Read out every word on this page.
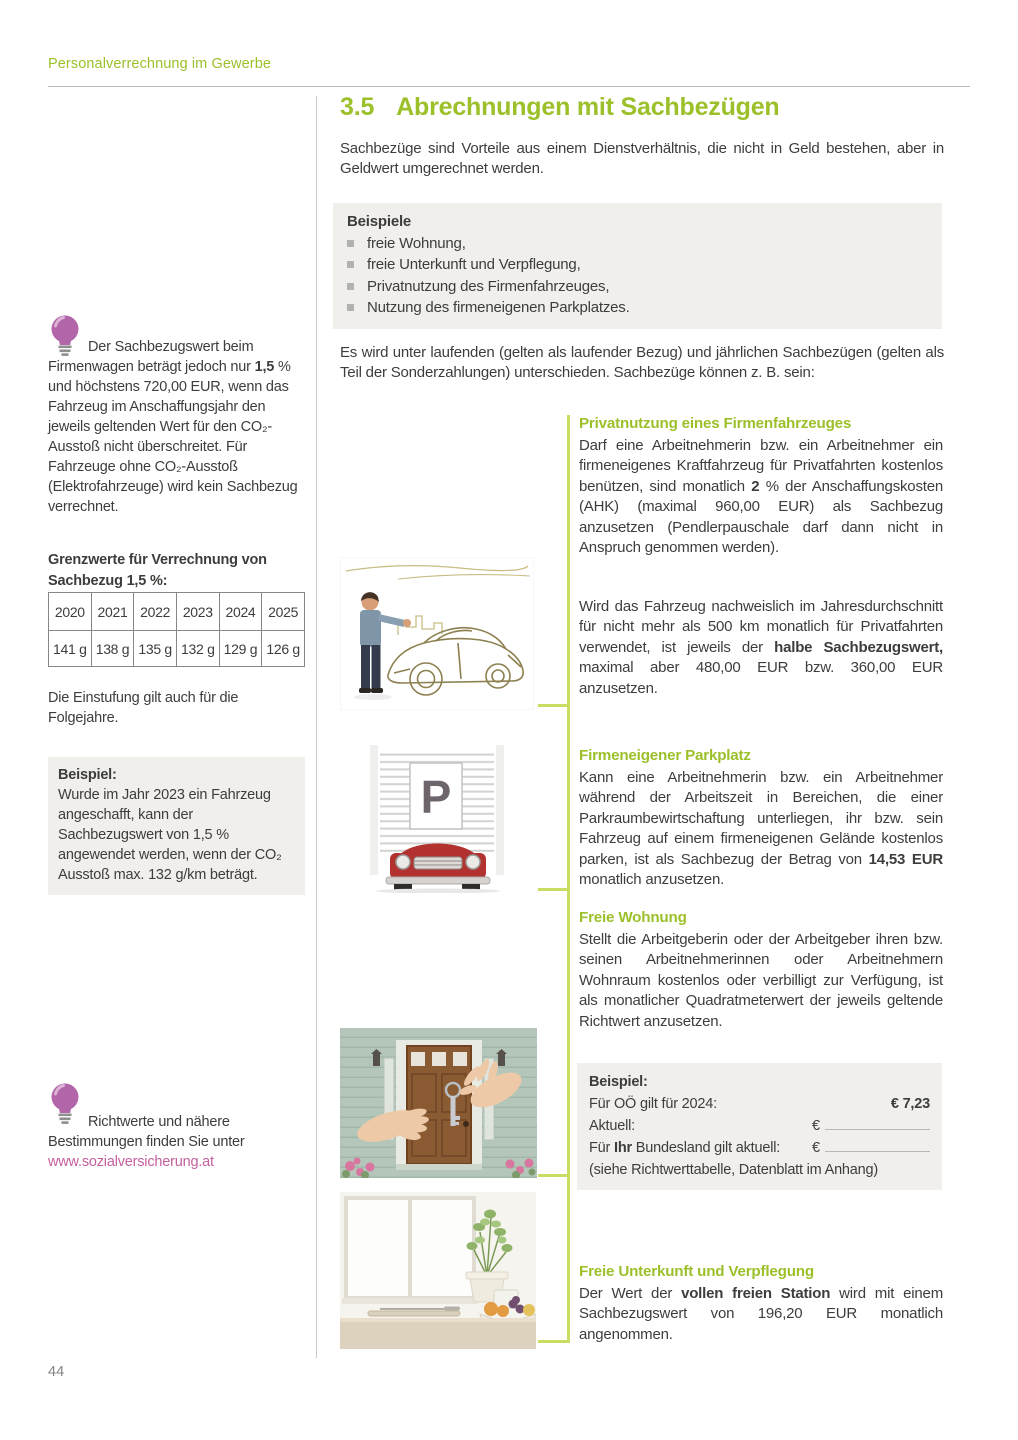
Personalverrechnung im Gewerbe
3.5 Abrechnungen mit Sachbezügen

Sachbezüge sind Vorteile aus einem Dienstverhältnis, die nicht in Geld bestehen, aber in Geldwert umgerechnet werden.

Beispiele
freie Wohnung,
freie Unterkunft und Verpflegung,
Privatnutzung des Firmenfahrzeuges,
Nutzung des firmeneigenen Parkplatzes.

Es wird unter laufenden (gelten als laufender Bezug) und jährlichen Sachbezügen (gelten als Teil der Sonderzahlungen) unterschieden. Sachbezüge können z. B. sein:

Der Sachbezugswert beim Firmenwagen beträgt jedoch nur 1,5 % und höchstens 720,00 EUR, wenn das Fahrzeug im Anschaffungsjahr den jeweils geltenden Wert für den CO₂-Ausstoß nicht überschreitet. Für Fahrzeuge ohne CO₂-Ausstoß (Elektrofahrzeuge) wird kein Sachbezug verrechnet.

Grenzwerte für Verrechnung von Sachbezug 1,5 %:
2020	2021	2022	2023	2024	2025
141 g	138 g	135 g	132 g	129 g	126 g

Die Einstufung gilt auch für die Folgejahre.

Beispiel:
Wurde im Jahr 2023 ein Fahrzeug angeschafft, kann der Sachbezugswert von 1,5 % angewendet werden, wenn der CO₂ Ausstoß max. 132 g/km beträgt.

Richtwerte und nähere Bestimmungen finden Sie unter
www.sozialversicherung.at

44
P
Privatnutzung eines Firmenfahrzeuges

Darf eine Arbeitnehmerin bzw. ein Arbeitnehmer ein firmeneigenes Kraftfahrzeug für Privatfahrten kostenlos benützen, sind monatlich 2 % der Anschaffungskosten (AHK) (maximal 960,00 EUR) als Sachbezug anzusetzen (Pendlerpauschale darf dann nicht in Anspruch genommen werden).

Wird das Fahrzeug nachweislich im Jahresdurchschnitt für nicht mehr als 500 km monatlich für Privatfahrten verwendet, ist jeweils der halbe Sachbezugswert, maximal aber 480,00 EUR bzw. 360,00 EUR anzusetzen.

Firmeneigener Parkplatz

Kann eine Arbeitnehmerin bzw. ein Arbeitnehmer während der Arbeitszeit in Bereichen, die einer Parkraumbewirtschaftung unterliegen, ihr bzw. sein Fahrzeug auf einem firmeneigenen Gelände kostenlos parken, ist als Sachbezug der Betrag von 14,53 EUR monatlich anzusetzen.

Freie Wohnung

Stellt die Arbeitgeberin oder der Arbeitgeber ihren bzw. seinen Arbeitnehmerinnen oder Arbeitnehmern Wohnraum kostenlos oder verbilligt zur Verfügung, ist als monatlicher Quadratmeterwert der jeweils geltende Richtwert anzusetzen.

Beispiel:
Für OÖ gilt für 2024:	€ 7,23
Aktuell:	€
Für Ihr Bundesland gilt aktuell:	€
(siehe Richtwerttabelle, Datenblatt im Anhang)
Freie Unterkunft und Verpflegung

Der Wert der vollen freien Station wird mit einem Sachbezugswert von 196,20 EUR monatlich angenommen.
